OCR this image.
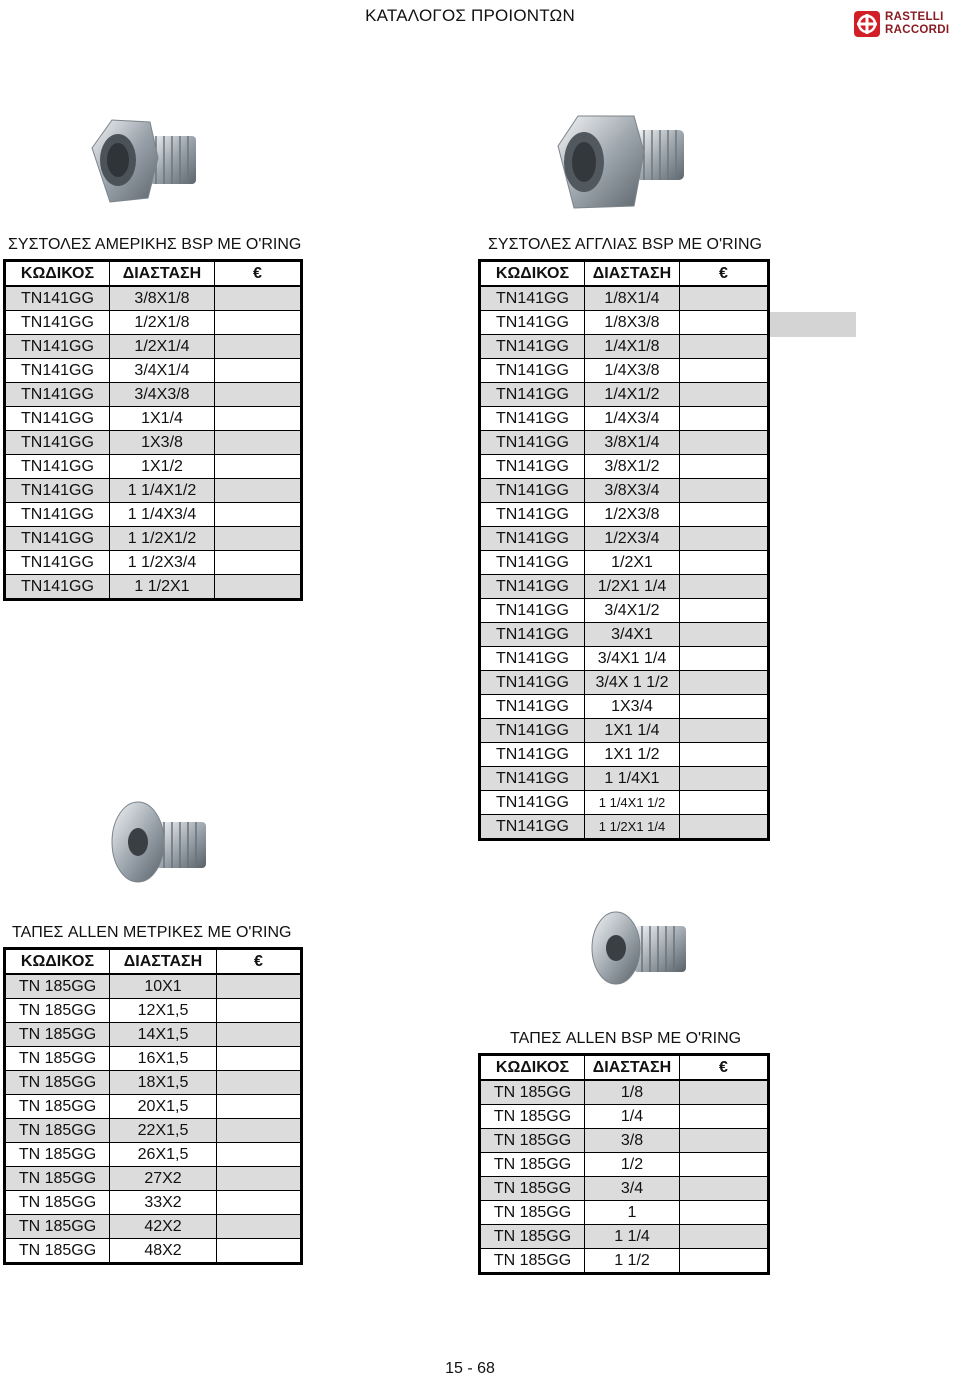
ΚΑΤΑΛΟΓΟΣ ΠΡΟΙΟΝΤΩΝ	RASTELLI
RACCORDI
ΣΥΣΤΟΛΕΣ ΑΜΕΡΙΚΗΣ BSP ΜΕ O'RING
ΚΩΔΙΚΟΣ	ΔΙΑΣΤΑΣΗ	€
TN141GG	3/8X1/8	
TN141GG	1/2X1/8	
TN141GG	1/2X1/4	
TN141GG	3/4X1/4	
TN141GG	3/4X3/8	
TN141GG	1X1/4	
TN141GG	1X3/8	
TN141GG	1X1/2	
TN141GG	1 1/4X1/2	
TN141GG	1 1/4X3/4	
TN141GG	1 1/2X1/2	
TN141GG	1 1/2X3/4	
TN141GG	1 1/2X1	
ΣΥΣΤΟΛΕΣ ΑΓΓΛΙΑΣ BSP ΜΕ O'RING
ΚΩΔΙΚΟΣ	ΔΙΑΣΤΑΣΗ	€
TN141GG	1/8X1/4	
TN141GG	1/8X3/8	
TN141GG	1/4X1/8	
TN141GG	1/4X3/8	
TN141GG	1/4X1/2	
TN141GG	1/4X3/4	
TN141GG	3/8X1/4	
TN141GG	3/8X1/2	
TN141GG	3/8X3/4	
TN141GG	1/2X3/8	
TN141GG	1/2X3/4	
TN141GG	1/2X1	
TN141GG	1/2X1 1/4	
TN141GG	3/4X1/2	
TN141GG	3/4X1	
TN141GG	3/4X1 1/4	
TN141GG	3/4X 1 1/2	
TN141GG	1X3/4	
TN141GG	1X1 1/4	
TN141GG	1X1 1/2	
TN141GG	1 1/4X1	
TN141GG	1 1/4X1 1/2	
TN141GG	1 1/2X1 1/4	
ΤΑΠΕΣ ALLEN ΜΕΤΡΙΚΕΣ ΜΕ O'RING
ΚΩΔΙΚΟΣ	ΔΙΑΣΤΑΣΗ	€
TN 185GG	10X1	
TN 185GG	12X1,5	
TN 185GG	14X1,5	
TN 185GG	16X1,5	
TN 185GG	18X1,5	
TN 185GG	20X1,5	
TN 185GG	22X1,5	
TN 185GG	26X1,5	
TN 185GG	27X2	
TN 185GG	33X2	
TN 185GG	42X2	
TN 185GG	48X2	
ΤΑΠΕΣ ALLEN BSP ΜΕ O'RING
ΚΩΔΙΚΟΣ	ΔΙΑΣΤΑΣΗ	€
TN 185GG	1/8	
TN 185GG	1/4	
TN 185GG	3/8	
TN 185GG	1/2	
TN 185GG	3/4	
TN 185GG	1	
TN 185GG	1 1/4	
TN 185GG	1 1/2	
15 - 68
